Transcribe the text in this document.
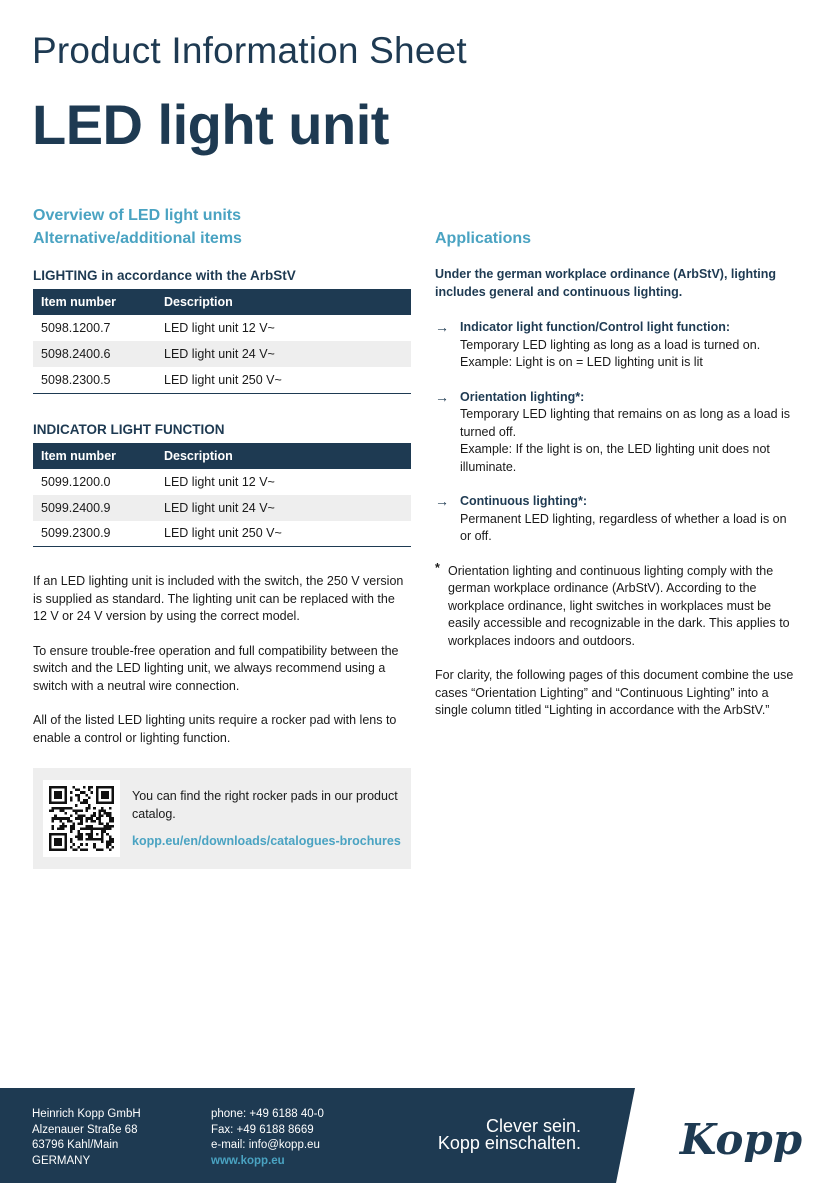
Product Information Sheet
LED light unit
Overview of LED light units
Alternative/additional items
LIGHTING in accordance with the ArbStV
Item number	Description
5098.1200.7	LED light unit 12 V~
5098.2400.6	LED light unit 24 V~
5098.2300.5	LED light unit 250 V~
INDICATOR LIGHT FUNCTION
Item number	Description
5099.1200.0	LED light unit 12 V~
5099.2400.9	LED light unit 24 V~
5099.2300.9	LED light unit 250 V~

If an LED lighting unit is included with the switch, the 250 V version is supplied as standard. The lighting unit can be replaced with the 12 V or 24 V version by using the correct model.

To ensure trouble-free operation and full compatibility between the switch and the LED lighting unit, we always recommend using a switch with a neutral wire connection.

All of the listed LED lighting units require a rocker pad with lens to enable a control or lighting function.

You can find the right rocker pads in our product catalog.
kopp.eu/en/downloads/catalogues-brochures
Applications
Under the german workplace ordinance (ArbStV), lighting includes general and continuous lighting.
→ Indicator light function/Control light function:
Temporary LED lighting as long as a load is turned on.
Example: Light is on = LED lighting unit is lit
→ Orientation lighting*:
Temporary LED lighting that remains on as long as a load is turned off.
Example: If the light is on, the LED lighting unit does not illuminate.
→ Continuous lighting*:
Permanent LED lighting, regardless of whether a load is on or off.
* Orientation lighting and continuous lighting comply with the german workplace ordinance (ArbStV). According to the workplace ordinance, light switches in workplaces must be easily accessible and recognizable in the dark. This applies to workplaces indoors and outdoors.
For clarity, the following pages of this document combine the use cases “Orientation Lighting” and “Continuous Lighting” into a single column titled “Lighting in accordance with the ArbStV.”
Heinrich Kopp GmbH
Alzenauer Straße 68
63796 Kahl/Main
GERMANY
phone: +49 6188 40-0
Fax: +49 6188 8669
e-mail: info@kopp.eu
www.kopp.eu
Clever sein.
Kopp einschalten. Kopp
